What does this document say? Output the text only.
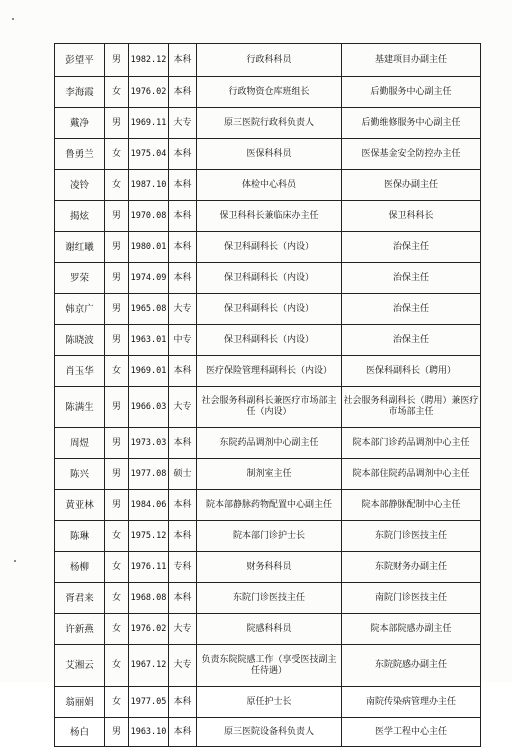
彭望平	男	1982.12	本科	行政科科员	基建项目办副主任
李海霞	女	1976.02	本科	行政物资仓库班组长	后勤服务中心副主任
戴净	男	1969.11	大专	原三医院行政科负责人	后勤维修服务中心副主任
鲁勇兰	女	1975.04	本科	医保科科员	医保基金安全防控办主任
凌铃	女	1987.10	本科	体检中心科员	医保办副主任
揭炫	男	1970.08	本科	保卫科科长兼临床办主任	保卫科科长
谢红曦	男	1980.01	本科	保卫科副科长（内设）	治保主任
罗荣	男	1974.09	本科	保卫科副科长（内设）	治保主任
韩京广	男	1965.08	大专	保卫科副科长（内设）	治保主任
陈晓波	男	1963.01	中专	保卫科副科长（内设）	治保主任
肖玉华	女	1969.01	本科	医疗保险管理科副科长（内设）	医保科副科长（聘用）
陈满生	男	1966.03	大专	社会服务科副科长兼医疗市场部主任（内设）	社会服务科副科长（聘用）兼医疗市场部主任
周煜	男	1973.03	本科	东院药品调剂中心副主任	院本部门诊药品调剂中心主任
陈兴	男	1977.08	硕士	制剂室主任	院本部住院药品调剂中心主任
黄亚林	男	1984.06	本科	院本部静脉药物配置中心副主任	院本部静脉配制中心主任
陈琳	女	1975.12	本科	院本部门诊护士长	东院门诊医技主任
杨柳	女	1976.11	专科	财务科科员	东院财务办副主任
胥君来	女	1968.08	本科	东院门诊医技主任	南院门诊医技主任
许新燕	女	1976.02	大专	院感科科员	院本部院感办副主任
艾湘云	女	1967.12	大专	负责东院院感工作（享受医技副主任待遇）	东院院感办副主任
翁丽娟	女	1977.05	本科	原任护士长	南院传染病管理办主任
杨白	男	1963.10	本科	原三医院设备科负责人	医学工程中心主任
